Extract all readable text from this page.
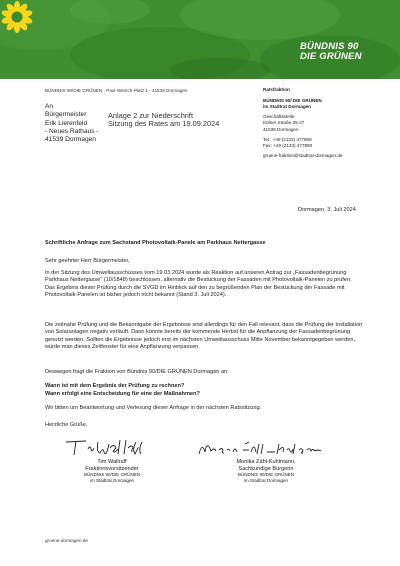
BÜNDNIS 90
DIE GRÜNEN
BÜNDNIS 90/DIE GRÜNEN · Paul-Wierich-Platz 1 · 41539 Dormagen
An
Bürgermeister
Erik Lierenfeld
- Neues Rathaus -
41539 Dormagen
Anlage 2 zur Niederschrift
Sitzung des Rates am 19.09.2024
Ratsfraktion
BÜNDNIS 90/ DIE GRÜNEN
im Stadtrat Dormagen
Geschäftsstelle
Kölner Straße 25-27
41539 Dormagen
Tel.: +49 (2133) 477808
Fax: +49 (2133) 477890
gruene-fraktion@stadtrat-dormagen.de
Dormagen, 3. Juli 2024
Schriftliche Anfrage zum Sachstand Photovoltaik-Panele am Parkhaus Nettergasse
Sehr geehrter Herr Bürgermeister,
In der Sitzung des Umweltausschusses vom 19.03.2024 wurde als Reaktion auf unseren Antrag zur „Fassadenbegrünung Parkhaus Nettergasse“ (10/1848) beschlossen, alternativ die Bestückung der Fassaden mit Photovoltaik-Panelen zu prüfen. Das Ergebnis dieser Prüfung durch die SVGD im Hinblick auf den zu begrüßenden Plan der Bestückung der Fassade mit Photovoltaik-Panelen ist bisher jedoch nicht bekannt (Stand 3. Juli 2024).
Die zeitnahe Prüfung und die Bekanntgabe der Ergebnisse sind allerdings für den Fall relevant, dass die Prüfung der Installation von Solaranlagen negativ verläuft. Dann könnte bereits der kommende Herbst für die Anpflanzung der Fassadenbegrünung genutzt werden. Sollten die Ergebnisse jedoch erst im nächsten Umweltausschuss Mitte November bekanntgegeben werden, würde man dieses Zeitfenster für eine Anpflanzung verpassen.
Deswegen fragt die Fraktion von Bündnis 90/DIE GRÜNEN Dormagen an:
Wann ist mit dem Ergebnis der Prüfung zu rechnen?
Wann erfolgt eine Entscheidung für eine der Maßnahmen?
Wir bitten um Beantwortung und Verlesung dieser Anfrage in der nächsten Ratssitzung.
Herzliche Grüße,
Tim Wallraff
Fraktionsvorsitzender
BÜNDNIS 90/DIE GRÜNEN
im Stadtrat Dormagen
Monika Zähl-Kuhlmann,
Sachkundige Bürgerin
BÜNDNIS 90/DIE GRÜNEN
im Stadtrat Dormagen
gruene-dormagen.de
